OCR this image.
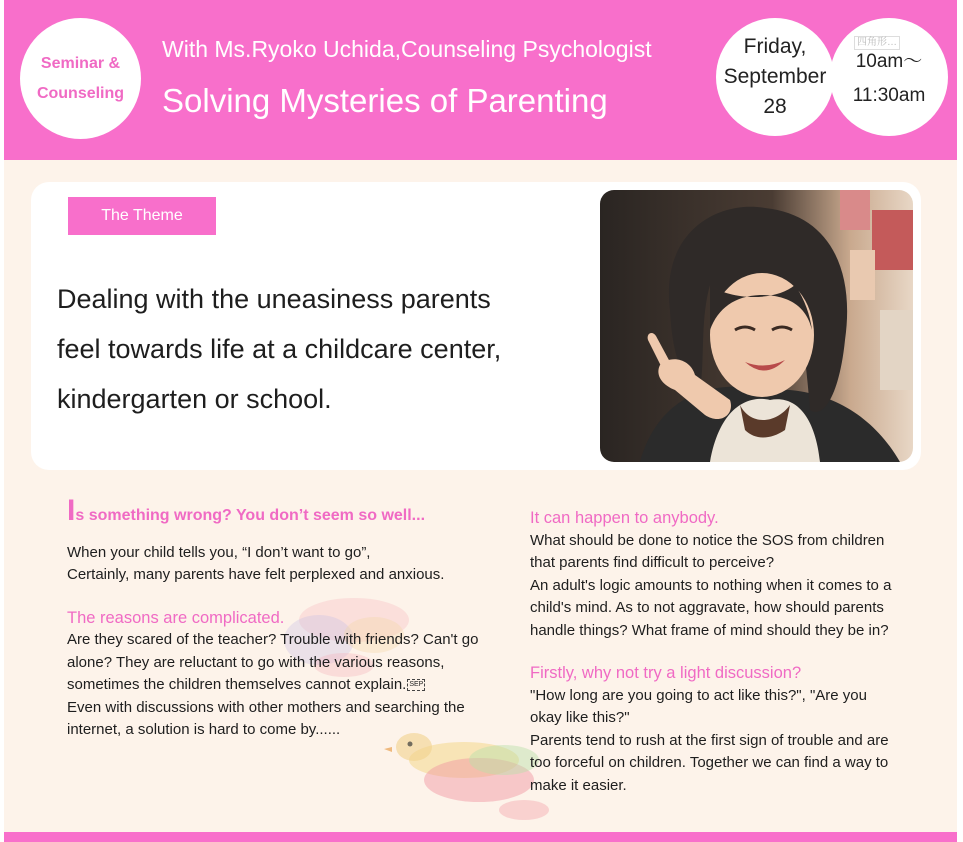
Seminar &
Counseling
With Ms.Ryoko Uchida,Counseling Psychologist
Solving Mysteries of Parenting
Friday,
September
28
四角形…
10am〜
11:30am
The Theme
Dealing with the uneasiness parents
feel towards life at a childcare center,
kindergarten or school.

Is something wrong? You don’t seem so well...

When your child tells you, “I don’t want to go”,
Certainly, many parents have felt perplexed and anxious.

The reasons are complicated.

Are they scared of the teacher? Trouble with friends? Can't go
alone? They are reluctant to go with the various reasons,
sometimes the children themselves cannot explain. SEP
Even with discussions with other mothers and searching the
internet, a solution is hard to come by......

It can happen to anybody.

What should be done to notice the SOS from children
that parents find difficult to perceive?
An adult's logic amounts to nothing when it comes to a
child's mind. As to not aggravate, how should parents
handle things? What frame of mind should they be in?

Firstly, why not try a light discussion?

"How long are you going to act like this?", "Are you
okay like this?"
Parents tend to rush at the first sign of trouble and are
too forceful on children. Together we can find a way to
make it easier.
